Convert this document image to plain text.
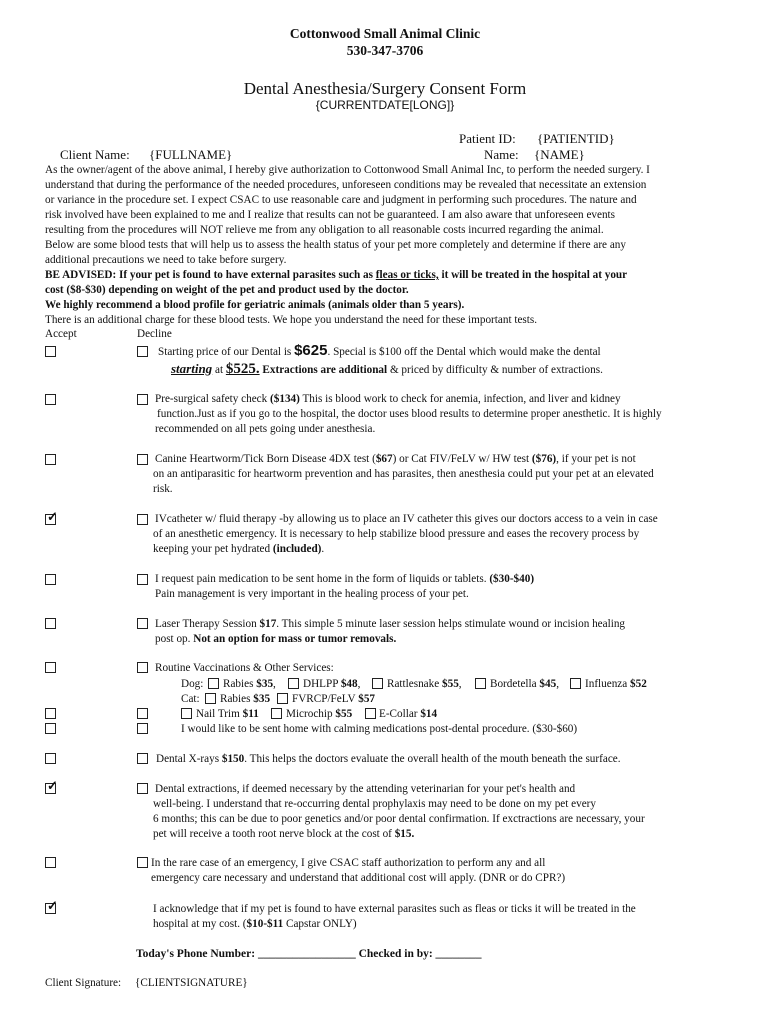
Cottonwood Small Animal Clinic
530-347-3706
Dental Anesthesia/Surgery Consent Form
{CURRENTDATE[LONG]}
Patient ID: {PATIENTID}
Client Name: {FULLNAME}	Name: {NAME}
As the owner/agent of the above animal, I hereby give authorization to Cottonwood Small Animal Inc, to perform the needed surgery. I
understand that during the performance of the needed procedures, unforeseen conditions may be revealed that necessitate an extension
or variance in the procedure set. I expect CSAC to use reasonable care and judgment in performing such procedures. The nature and
risk involved have been explained to me and I realize that results can not be guaranteed. I am also aware that unforeseen events
resulting from the procedures will NOT relieve me from any obligation to all reasonable costs incurred regarding the animal.
Below are some blood tests that will help us to assess the health status of your pet more completely and determine if there are any
additional precautions we need to take before surgery.
BE ADVISED: If your pet is found to have external parasites such as fleas or ticks, it will be treated in the hospital at your
cost ($8-$30) depending on weight of the pet and product used by the doctor.
We highly recommend a blood profile for geriatric animals (animals older than 5 years).
There is an additional charge for these blood tests. We hope you understand the need for these important tests.
Accept	Decline
Starting price of our Dental is $625. Special is $100 off the Dental which would make the dental
starting at $525. Extractions are additional & priced by difficulty & number of extractions.
Pre-surgical safety check ($134) This is blood work to check for anemia, infection, and liver and kidney
function.Just as if you go to the hospital, the doctor uses blood results to determine proper anesthetic. It is highly
recommended on all pets going under anesthesia.
Canine Heartworm/Tick Born Disease 4DX test ($67) or Cat FIV/FeLV w/ HW test ($76), if your pet is not
on an antiparasitic for heartworm prevention and has parasites, then anesthesia could put your pet at an elevated
risk.
✓
IVcatheter w/ fluid therapy -by allowing us to place an IV catheter this gives our doctors access to a vein in case
of an anesthetic emergency. It is necessary to help stabilize blood pressure and eases the recovery process by
keeping your pet hydrated (included).
I request pain medication to be sent home in the form of liquids or tablets. ($30-$40)
Pain management is very important in the healing process of your pet.
Laser Therapy Session $17. This simple 5 minute laser session helps stimulate wound or incision healing
post op. Not an option for mass or tumor removals.
Routine Vaccinations & Other Services:
Dog: Rabies $35, DHLPP $48, Rattlesnake $55,	Bordetella $45, Influenza $52
Cat: Rabies $35 FVRCP/FeLV $57
Nail Trim $11 Microchip $55 E-Collar $14
I would like to be sent home with calming medications post-dental procedure. ($30-$60)
Dental X-rays $150. This helps the doctors evaluate the overall health of the mouth beneath the surface.
✓
Dental extractions, if deemed necessary by the attending veterinarian for your pet's health and
well-being. I understand that re-occurring dental prophylaxis may need to be done on my pet every
6 months; this can be due to poor genetics and/or poor dental confirmation. If exctractions are necessary, your
pet will receive a tooth root nerve block at the cost of $15.
In the rare case of an emergency, I give CSAC staff authorization to perform any and all
emergency care necessary and understand that additional cost will apply. (DNR or do CPR?)
✓
I acknowledge that if my pet is found to have external parasites such as fleas or ticks it will be treated in the
hospital at my cost. ($10-$11 Capstar ONLY)
Today's Phone Number: _________________ Checked in by: ________
Client Signature: {CLIENTSIGNATURE}
